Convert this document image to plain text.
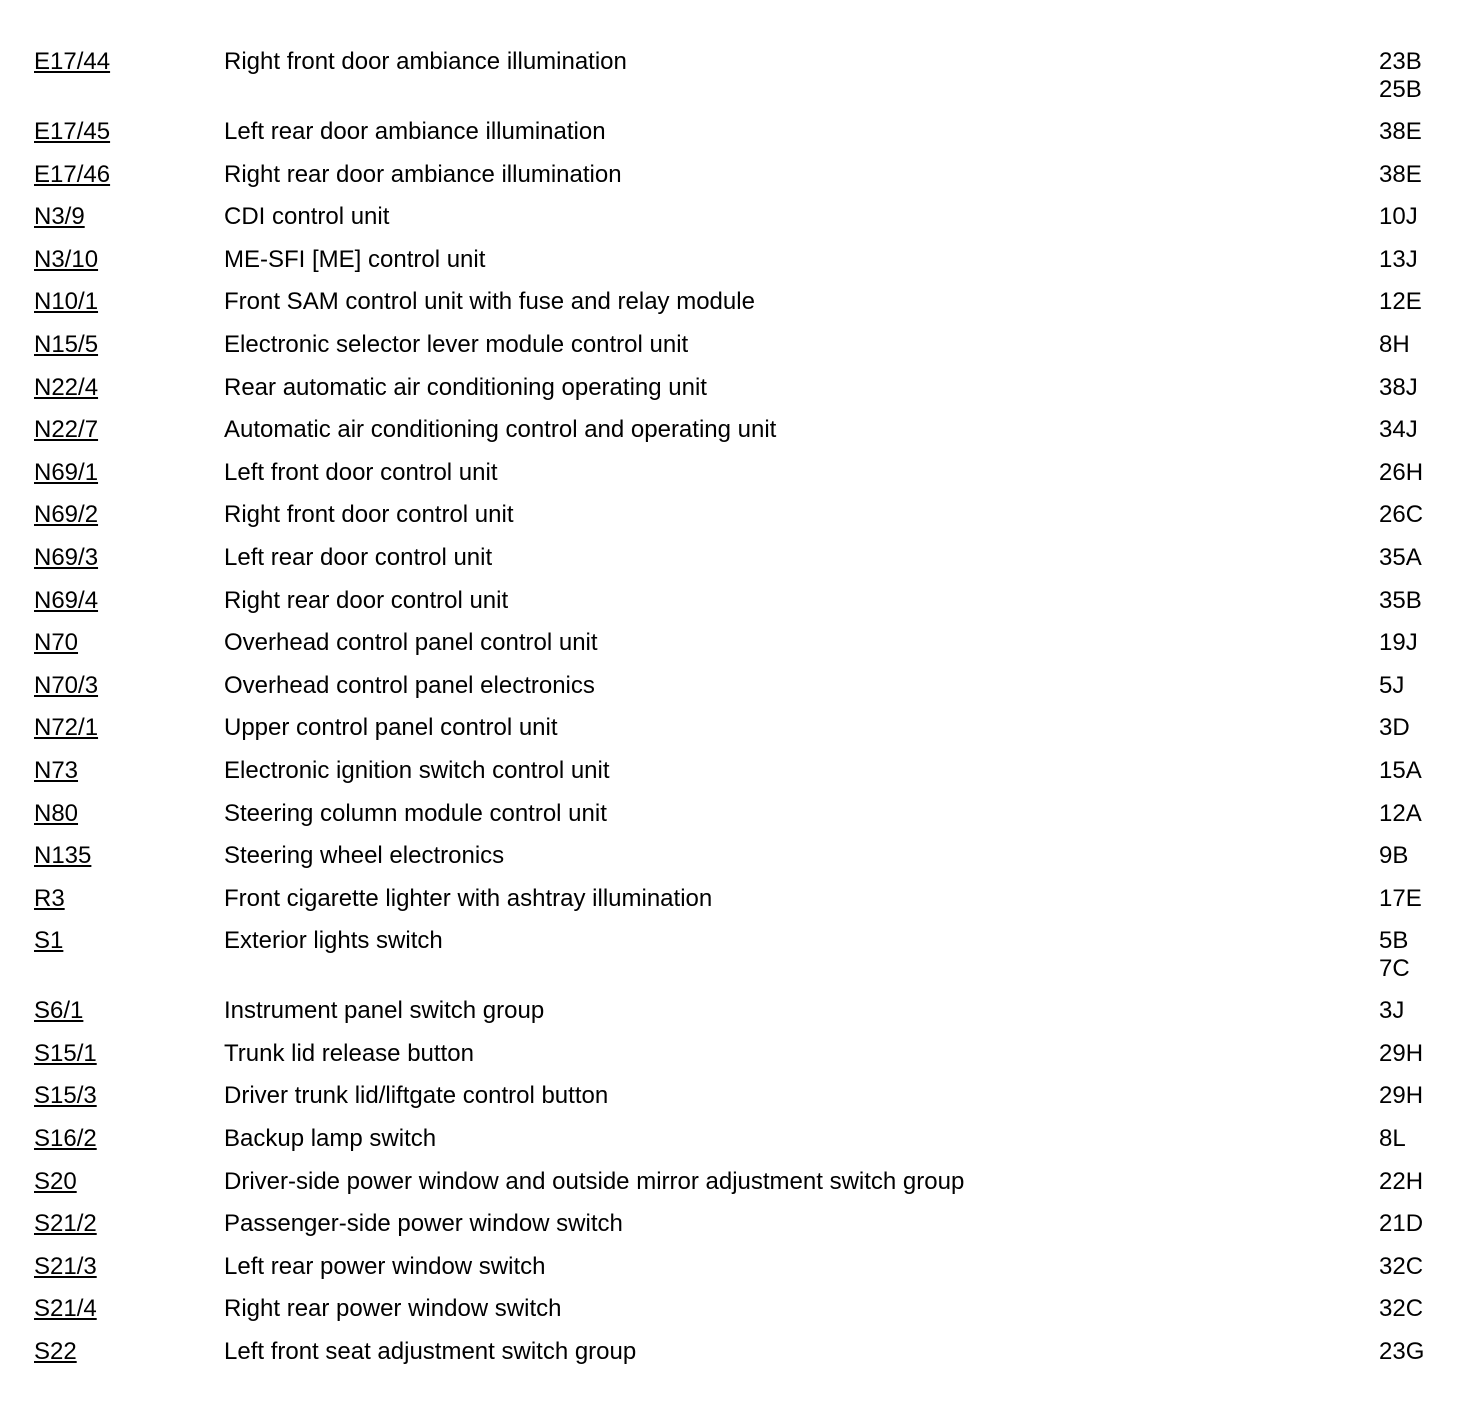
E17/44	Right front door ambiance illumination	23B
25B
E17/45	Left rear door ambiance illumination	38E
E17/46	Right rear door ambiance illumination	38E
N3/9	CDI control unit	10J
N3/10	ME-SFI [ME] control unit	13J
N10/1	Front SAM control unit with fuse and relay module	12E
N15/5	Electronic selector lever module control unit	8H
N22/4	Rear automatic air conditioning operating unit	38J
N22/7	Automatic air conditioning control and operating unit	34J
N69/1	Left front door control unit	26H
N69/2	Right front door control unit	26C
N69/3	Left rear door control unit	35A
N69/4	Right rear door control unit	35B
N70	Overhead control panel control unit	19J
N70/3	Overhead control panel electronics	5J
N72/1	Upper control panel control unit	3D
N73	Electronic ignition switch control unit	15A
N80	Steering column module control unit	12A
N135	Steering wheel electronics	9B
R3	Front cigarette lighter with ashtray illumination	17E
S1	Exterior lights switch	5B
7C
S6/1	Instrument panel switch group	3J
S15/1	Trunk lid release button	29H
S15/3	Driver trunk lid/liftgate control button	29H
S16/2	Backup lamp switch	8L
S20	Driver-side power window and outside mirror adjustment switch group	22H
S21/2	Passenger-side power window switch	21D
S21/3	Left rear power window switch	32C
S21/4	Right rear power window switch	32C
S22	Left front seat adjustment switch group	23G
